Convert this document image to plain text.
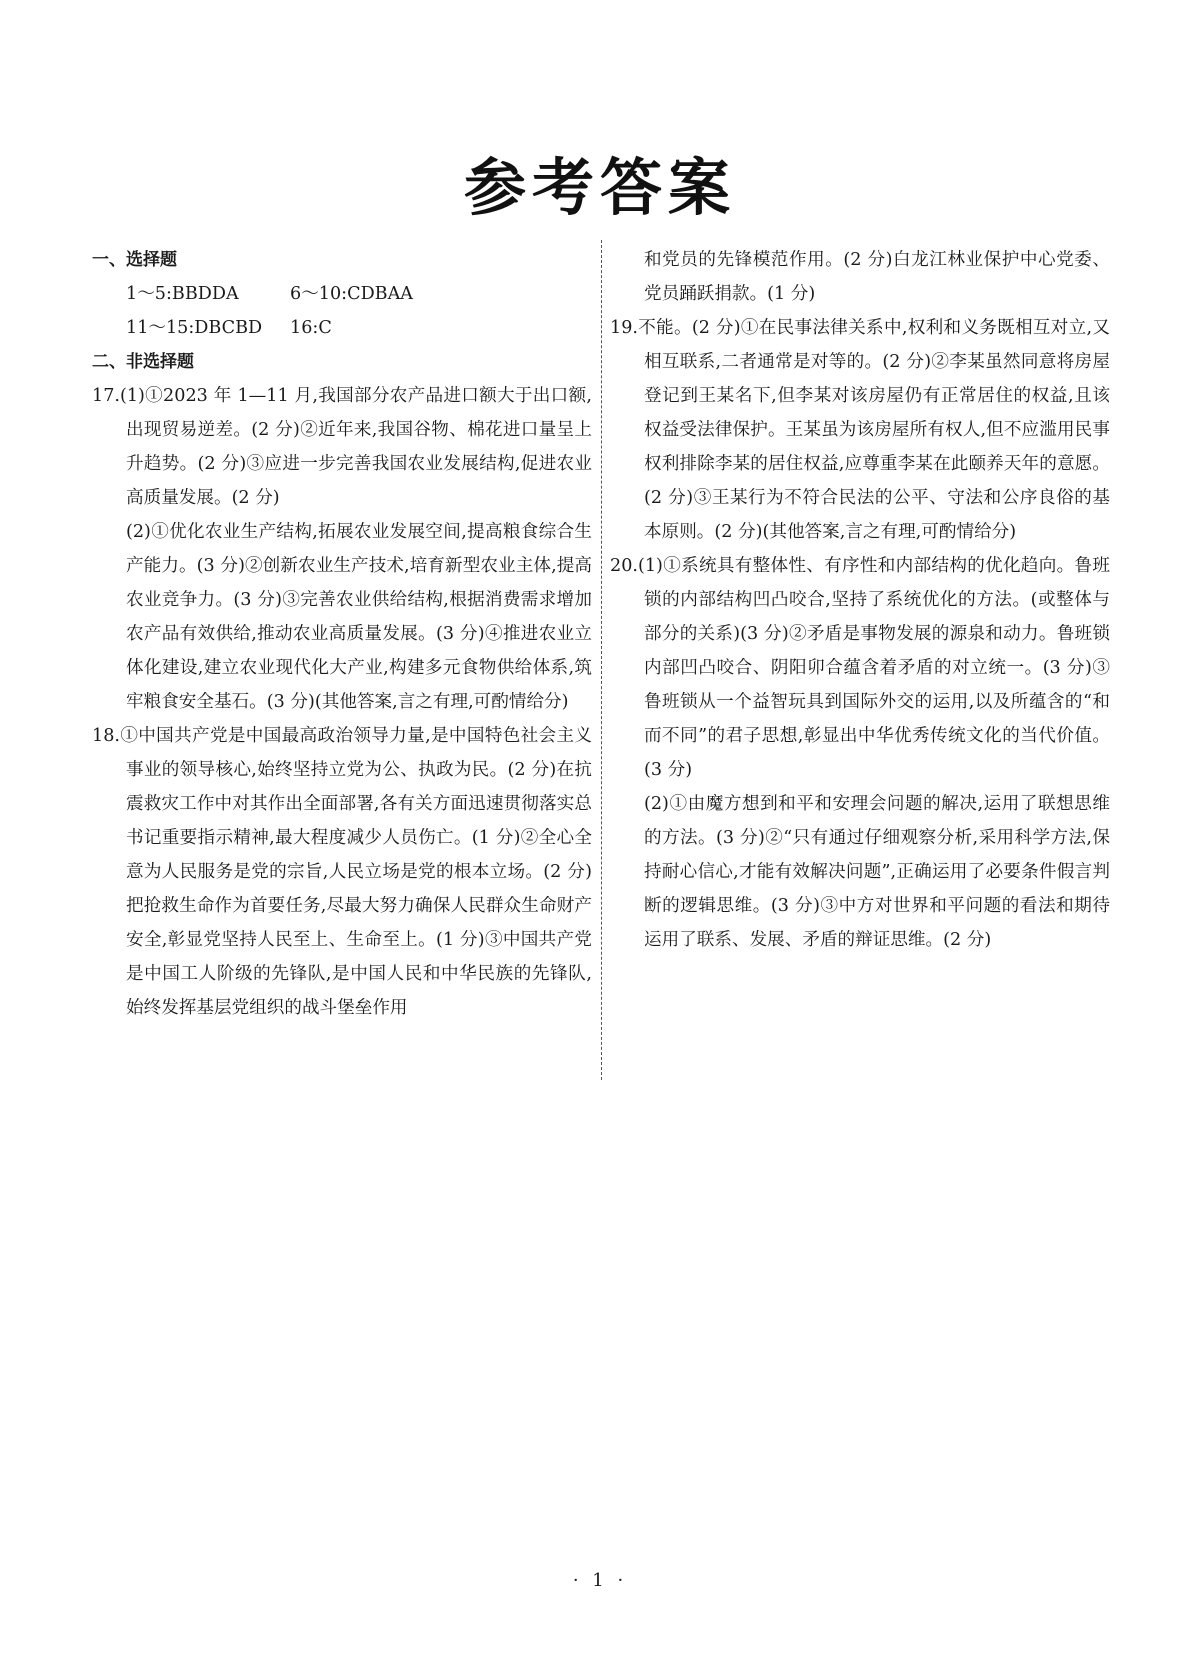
参考答案
一、选择题
1～5:BBDDA	6～10:CDBAA
11～15:DBCBD 16:C
二、非选择题
17.(1)①2023 年 1—11 月,我国部分农产品进口额大于出口额,出现贸易逆差。(2 分)②近年来,我国谷物、棉花进口量呈上升趋势。(2 分)③应进一步完善我国农业发展结构,促进农业高质量发展。(2 分)
(2)①优化农业生产结构,拓展农业发展空间,提高粮食综合生产能力。(3 分)②创新农业生产技术,培育新型农业主体,提高农业竞争力。(3 分)③完善农业供给结构,根据消费需求增加农产品有效供给,推动农业高质量发展。(3 分)④推进农业立体化建设,建立农业现代化大产业,构建多元食物供给体系,筑牢粮食安全基石。(3 分)(其他答案,言之有理,可酌情给分)
18.①中国共产党是中国最高政治领导力量,是中国特色社会主义事业的领导核心,始终坚持立党为公、执政为民。(2 分)在抗震救灾工作中对其作出全面部署,各有关方面迅速贯彻落实总书记重要指示精神,最大程度减少人员伤亡。(1 分)②全心全意为人民服务是党的宗旨,人民立场是党的根本立场。(2 分)把抢救生命作为首要任务,尽最大努力确保人民群众生命财产安全,彰显党坚持人民至上、生命至上。(1 分)③中国共产党是中国工人阶级的先锋队,是中国人民和中华民族的先锋队,始终发挥基层党组织的战斗堡垒作用
和党员的先锋模范作用。(2 分)白龙江林业保护中心党委、党员踊跃捐款。(1 分)
19.不能。(2 分)①在民事法律关系中,权利和义务既相互对立,又相互联系,二者通常是对等的。(2 分)②李某虽然同意将房屋登记到王某名下,但李某对该房屋仍有正常居住的权益,且该权益受法律保护。王某虽为该房屋所有权人,但不应滥用民事权利排除李某的居住权益,应尊重李某在此颐养天年的意愿。(2 分)③王某行为不符合民法的公平、守法和公序良俗的基本原则。(2 分)(其他答案,言之有理,可酌情给分)
20.(1)①系统具有整体性、有序性和内部结构的优化趋向。鲁班锁的内部结构凹凸咬合,坚持了系统优化的方法。(或整体与部分的关系)(3 分)②矛盾是事物发展的源泉和动力。鲁班锁内部凹凸咬合、阴阳卯合蕴含着矛盾的对立统一。(3 分)③鲁班锁从一个益智玩具到国际外交的运用,以及所蕴含的“和而不同”的君子思想,彰显出中华优秀传统文化的当代价值。(3 分)
(2)①由魔方想到和平和安理会问题的解决,运用了联想思维的方法。(3 分)②“只有通过仔细观察分析,采用科学方法,保持耐心信心,才能有效解决问题”,正确运用了必要条件假言判断的逻辑思维。(3 分)③中方对世界和平问题的看法和期待运用了联系、发展、矛盾的辩证思维。(2 分)
· 1 ·
